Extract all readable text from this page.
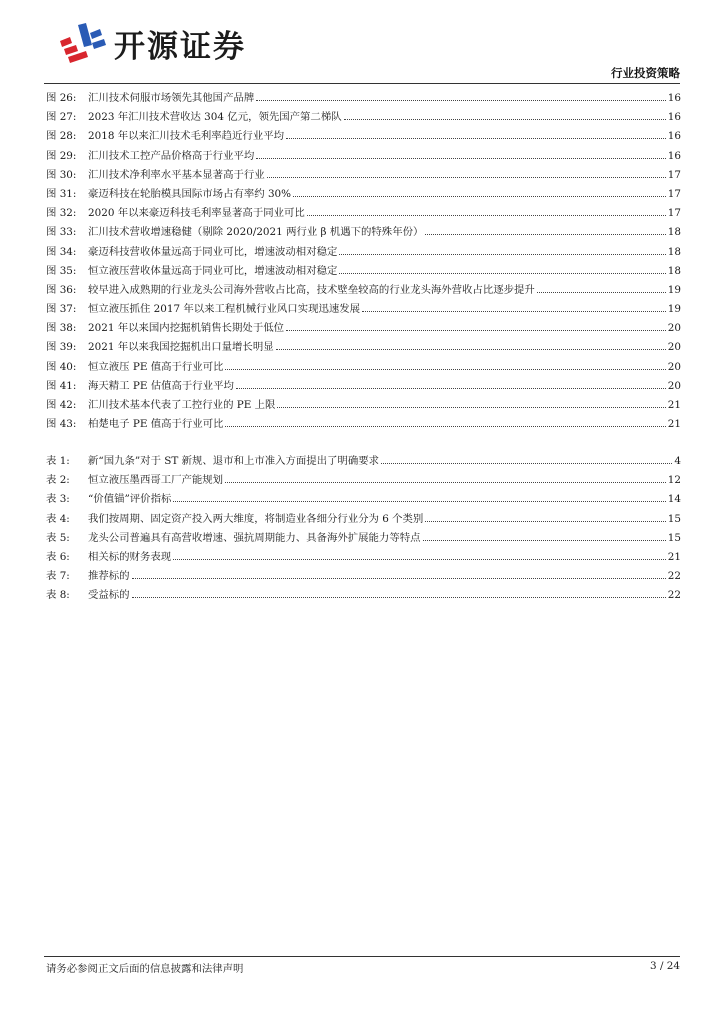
开源证券
行业投资策略
图 26:	汇川技术伺服市场领先其他国产品牌	16
图 27:	2023 年汇川技术营收达 304 亿元，领先国产第二梯队	16
图 28:	2018 年以来汇川技术毛利率趋近行业平均	16
图 29:	汇川技术工控产品价格高于行业平均	16
图 30:	汇川技术净利率水平基本显著高于行业	17
图 31:	豪迈科技在轮胎模具国际市场占有率约 30%	17
图 32:	2020 年以来豪迈科技毛利率显著高于同业可比	17
图 33:	汇川技术营收增速稳健（剔除 2020/2021 两行业 β 机遇下的特殊年份）	18
图 34:	豪迈科技营收体量远高于同业可比，增速波动相对稳定	18
图 35:	恒立液压营收体量远高于同业可比，增速波动相对稳定	18
图 36:	较早进入成熟期的行业龙头公司海外营收占比高，技术壁垒较高的行业龙头海外营收占比逐步提升	19
图 37:	恒立液压抓住 2017 年以来工程机械行业风口实现迅速发展	19
图 38:	2021 年以来国内挖掘机销售长期处于低位	20
图 39:	2021 年以来我国挖掘机出口量增长明显	20
图 40:	恒立液压 PE 值高于行业可比	20
图 41:	海天精工 PE 估值高于行业平均	20
图 42:	汇川技术基本代表了工控行业的 PE 上限	21
图 43:	柏楚电子 PE 值高于行业可比	21
表 1:	新“国九条”对于 ST 新规、退市和上市准入方面提出了明确要求	4
表 2:	恒立液压墨西哥工厂产能规划	12
表 3:	“价值锚”评价指标	14
表 4:	我们按周期、固定资产投入两大维度，将制造业各细分行业分为 6 个类别	15
表 5:	龙头公司普遍具有高营收增速、强抗周期能力、具备海外扩展能力等特点	15
表 6:	相关标的财务表现	21
表 7:	推荐标的	22
表 8:	受益标的	22
请务必参阅正文后面的信息披露和法律声明	3 / 24
